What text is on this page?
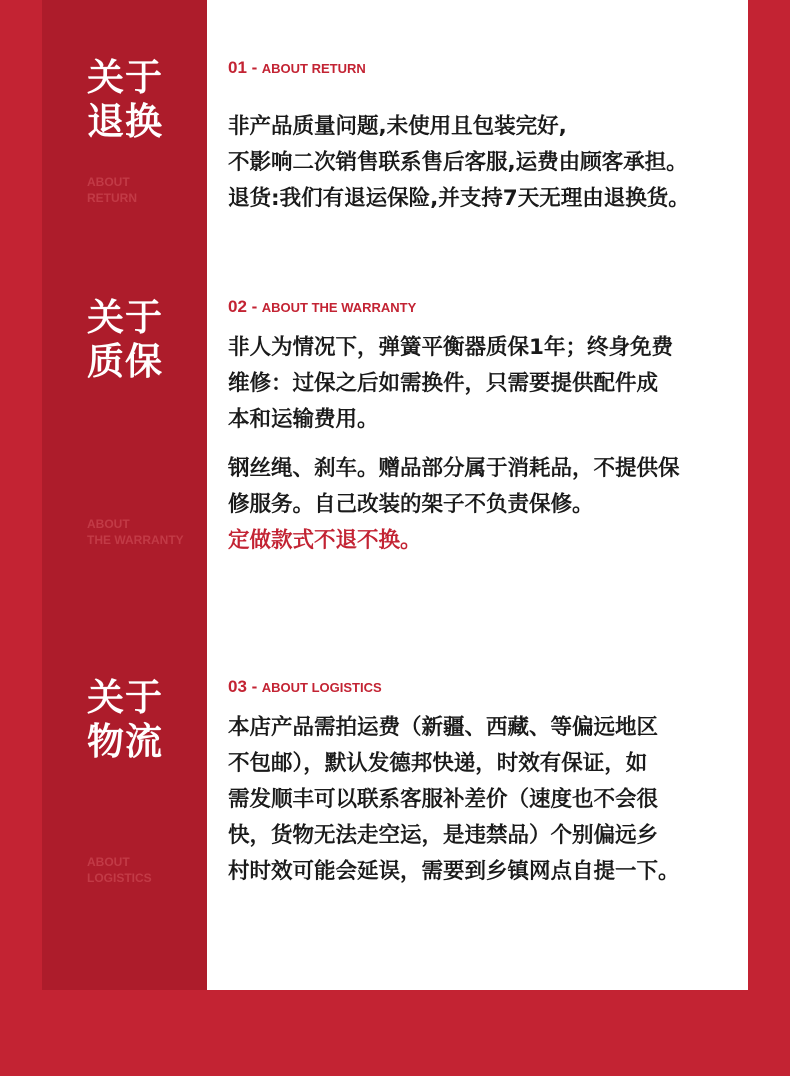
关于
退换
ABOUT
RETURN
01 - ABOUT RETURN
非产品质量问题,未使用且包装完好,
不影响二次销售联系售后客服,运费由顾客承担。
退货:我们有退运保险,并支持7天无理由退换货。
关于
质保
ABOUT
THE WARRANTY
02 - ABOUT THE WARRANTY
非人为情况下，弹簧平衡器质保1年；终身免费
维修：过保之后如需换件，只需要提供配件成
本和运输费用。
钢丝绳、刹车。赠品部分属于消耗品，不提供保
修服务。自己改装的架子不负责保修。
定做款式不退不换。
关于
物流
ABOUT
LOGISTICS
03 - ABOUT LOGISTICS
本店产品需拍运费（新疆、西藏、等偏远地区
不包邮），默认发德邦快递，时效有保证，如
需发顺丰可以联系客服补差价（速度也不会很
快，货物无法走空运，是违禁品）个别偏远乡
村时效可能会延误，需要到乡镇网点自提一下。
